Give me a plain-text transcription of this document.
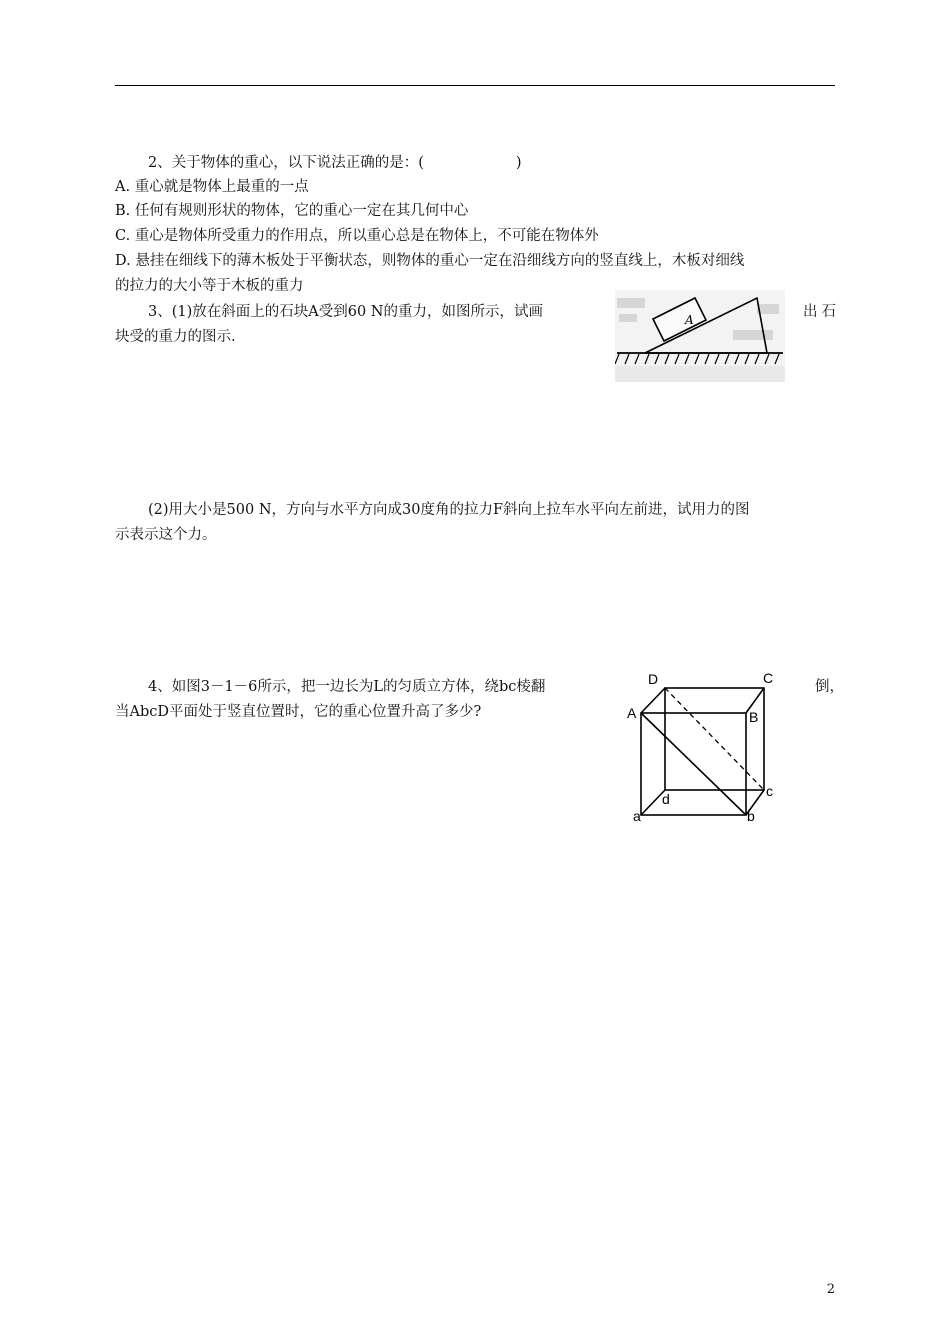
2、关于物体的重心，以下说法正确的是：(	)
A. 重心就是物体上最重的一点
B. 任何有规则形状的物体，它的重心一定在其几何中心
C. 重心是物体所受重力的作用点，所以重心总是在物体上，不可能在物体外
D. 悬挂在细线下的薄木板处于平衡状态，则物体的重心一定在沿细线方向的竖直线上，木板对细线
的拉力的大小等于木板的重力
3、(1)放在斜面上的石块A受到60 N的重力，如图所示，试画	出石
块受的重力的图示.
A
(2)用大小是500 N，方向与水平方向成30度角的拉力F斜向上拉车水平向左前进，试用力的图
示表示这个力。
4、如图3－1－6所示，把一边长为L的匀质立方体，绕bc棱翻	倒，
当AbcD平面处于竖直位置时，它的重心位置升高了多少?
D	C
A	B
d	c
a	b
2
